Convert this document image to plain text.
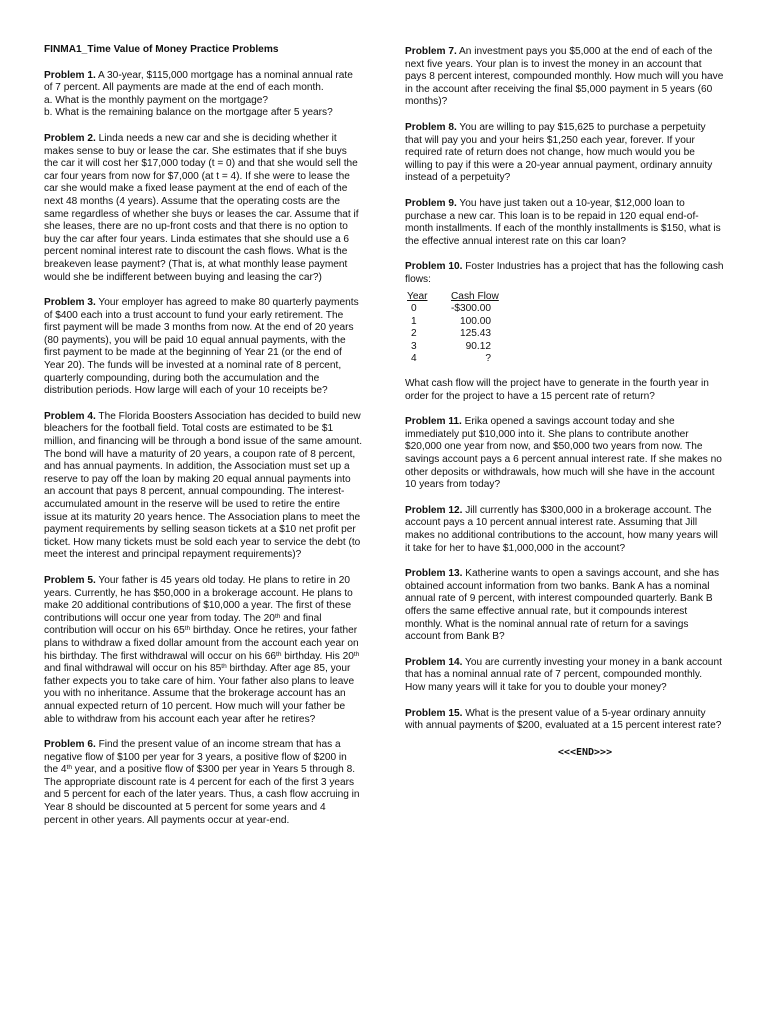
FINMA1_Time Value of Money Practice Problems
Problem 1. A 30-year, $115,000 mortgage has a nominal annual rate of 7 percent. All payments are made at the end of each month.
a. What is the monthly payment on the mortgage?
b. What is the remaining balance on the mortgage after 5 years?
Problem 2. Linda needs a new car and she is deciding whether it makes sense to buy or lease the car. She estimates that if she buys the car it will cost her $17,000 today (t = 0) and that she would sell the car four years from now for $7,000 (at t = 4). If she were to lease the car she would make a fixed lease payment at the end of each of the next 48 months (4 years). Assume that the operating costs are the same regardless of whether she buys or leases the car. Assume that if she leases, there are no up-front costs and that there is no option to buy the car after four years. Linda estimates that she should use a 6 percent nominal interest rate to discount the cash flows. What is the breakeven lease payment? (That is, at what monthly lease payment would she be indifferent between buying and leasing the car?)
Problem 3. Your employer has agreed to make 80 quarterly payments of $400 each into a trust account to fund your early retirement. The first payment will be made 3 months from now. At the end of 20 years (80 payments), you will be paid 10 equal annual payments, with the first payment to be made at the beginning of Year 21 (or the end of Year 20). The funds will be invested at a nominal rate of 8 percent, quarterly compounding, during both the accumulation and the distribution periods. How large will each of your 10 receipts be?
Problem 4. The Florida Boosters Association has decided to build new bleachers for the football field. Total costs are estimated to be $1 million, and financing will be through a bond issue of the same amount. The bond will have a maturity of 20 years, a coupon rate of 8 percent, and has annual payments. In addition, the Association must set up a reserve to pay off the loan by making 20 equal annual payments into an account that pays 8 percent, annual compounding. The interest-accumulated amount in the reserve will be used to retire the entire issue at its maturity 20 years hence. The Association plans to meet the payment requirements by selling season tickets at a $10 net profit per ticket. How many tickets must be sold each year to service the debt (to meet the interest and principal repayment requirements)?
Problem 5. Your father is 45 years old today. He plans to retire in 20 years. Currently, he has $50,000 in a brokerage account. He plans to make 20 additional contributions of $10,000 a year. The first of these contributions will occur one year from today. The 20th and final contribution will occur on his 65th birthday. Once he retires, your father plans to withdraw a fixed dollar amount from the account each year on his birthday. The first withdrawal will occur on his 66th birthday. His 20th and final withdrawal will occur on his 85th birthday. After age 85, your father expects you to take care of him. Your father also plans to leave you with no inheritance. Assume that the brokerage account has an annual expected return of 10 percent. How much will your father be able to withdraw from his account each year after he retires?
Problem 6. Find the present value of an income stream that has a negative flow of $100 per year for 3 years, a positive flow of $200 in the 4th year, and a positive flow of $300 per year in Years 5 through 8. The appropriate discount rate is 4 percent for each of the first 3 years and 5 percent for each of the later years. Thus, a cash flow accruing in Year 8 should be discounted at 5 percent for some years and 4 percent in other years. All payments occur at year-end.
Problem 7. An investment pays you $5,000 at the end of each of the next five years. Your plan is to invest the money in an account that pays 8 percent interest, compounded monthly. How much will you have in the account after receiving the final $5,000 payment in 5 years (60 months)?
Problem 8. You are willing to pay $15,625 to purchase a perpetuity that will pay you and your heirs $1,250 each year, forever. If your required rate of return does not change, how much would you be willing to pay if this were a 20-year annual payment, ordinary annuity instead of a perpetuity?
Problem 9. You have just taken out a 10-year, $12,000 loan to purchase a new car. This loan is to be repaid in 120 equal end-of-month installments. If each of the monthly installments is $150, what is the effective annual interest rate on this car loan?
Problem 10. Foster Industries has a project that has the following cash flows:
Year	Cash Flow
0	-$300.00
1	100.00
2	125.43
3	90.12
4	?
What cash flow will the project have to generate in the fourth year in order for the project to have a 15 percent rate of return?
Problem 11. Erika opened a savings account today and she immediately put $10,000 into it. She plans to contribute another $20,000 one year from now, and $50,000 two years from now. The savings account pays a 6 percent annual interest rate. If she makes no other deposits or withdrawals, how much will she have in the account 10 years from today?
Problem 12. Jill currently has $300,000 in a brokerage account. The account pays a 10 percent annual interest rate. Assuming that Jill makes no additional contributions to the account, how many years will it take for her to have $1,000,000 in the account?
Problem 13. Katherine wants to open a savings account, and she has obtained account information from two banks. Bank A has a nominal annual rate of 9 percent, with interest compounded quarterly. Bank B offers the same effective annual rate, but it compounds interest monthly. What is the nominal annual rate of return for a savings account from Bank B?
Problem 14. You are currently investing your money in a bank account that has a nominal annual rate of 7 percent, compounded monthly. How many years will it take for you to double your money?
Problem 15. What is the present value of a 5-year ordinary annuity with annual payments of $200, evaluated at a 15 percent interest rate?
<<<END>>>
